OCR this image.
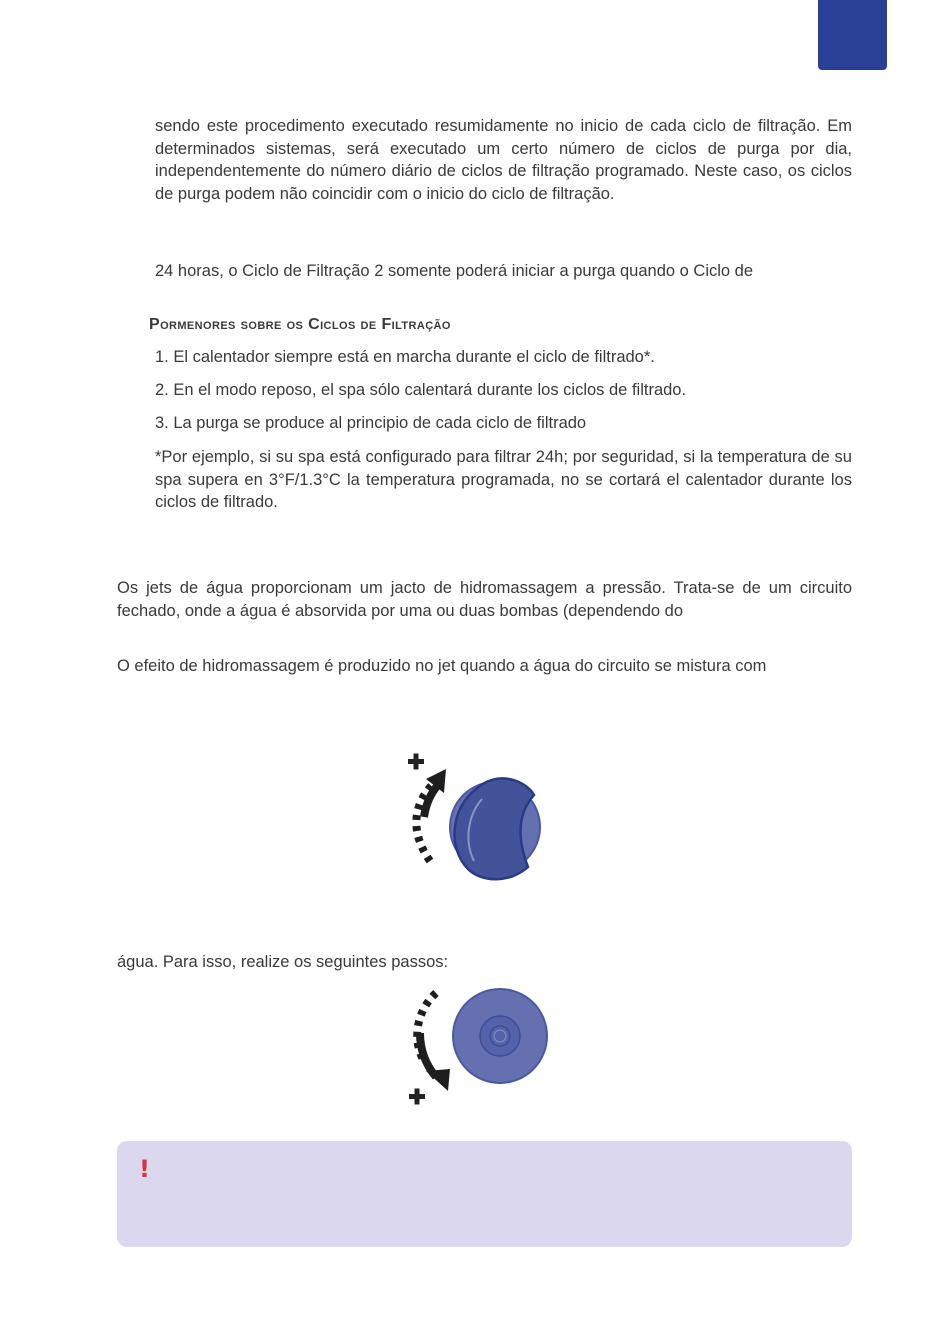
sendo este procedimento executado resumidamente no inicio de cada ciclo de filtração. Em determinados sistemas, será executado um certo número de ciclos de purga por dia, independentemente do número diário de ciclos de filtração programado. Neste caso, os ciclos de purga podem não coincidir com o inicio do ciclo de filtração.

24 horas, o Ciclo de Filtração 2 somente poderá iniciar a purga quando o Ciclo de

Pormenores sobre os Ciclos de Filtração

1. El calentador siempre está en marcha durante el ciclo de filtrado*.

2. En el modo reposo, el spa sólo calentará durante los ciclos de filtrado.

3. La purga se produce al principio de cada ciclo de filtrado

*Por ejemplo, si su spa está configurado para filtrar 24h; por seguridad, si la temperatura de su spa supera en 3°F/1.3°C la temperatura programada, no se cortará el calentador durante los ciclos de filtrado.

Os jets de água proporcionam um jacto de hidromassagem a pressão. Trata-se de um circuito fechado, onde a água é absorvida por uma ou duas bombas (dependendo do

O efeito de hidromassagem é produzido no jet quando a água do circuito se mistura com

água. Para isso, realize os seguintes passos:

!
